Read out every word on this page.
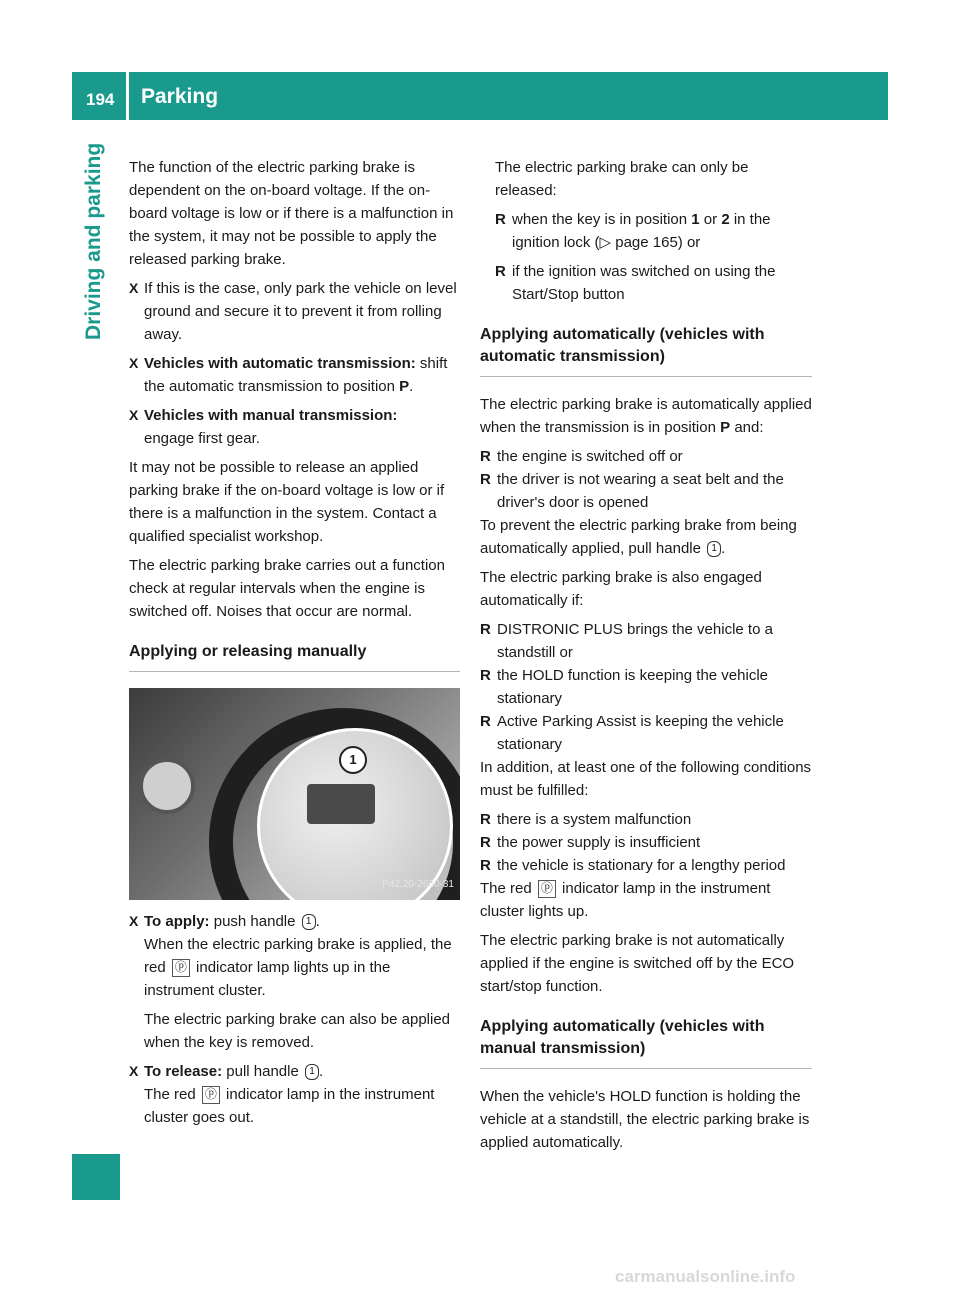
194 Parking
Driving and parking The function of the electric parking brake is dependent on the on-board voltage. If the on-board voltage is low or if there is a malfunction in the system, it may not be possible to apply the released parking brake.

X If this is the case, only park the vehicle on level ground and secure it to prevent it from rolling away.
X Vehicles with automatic transmission: shift the automatic transmission to position P.
X Vehicles with manual transmission:
engage first gear.

It may not be possible to release an applied parking brake if the on-board voltage is low or if there is a malfunction in the system. Contact a qualified specialist workshop.

The electric parking brake carries out a function check at regular intervals when the engine is switched off. Noises that occur are normal.

Applying or releasing manually
1
P42.20-2660-31
X To apply: push handle 1 .
When the electric parking brake is applied, the red ⓟ indicator lamp lights up in the instrument cluster.
The electric parking brake can also be applied when the key is removed.
X To release: pull handle 1 .
The red ⓟ indicator lamp in the instrument cluster goes out.

The electric parking brake can only be released:

R when the key is in position 1 or 2 in the ignition lock (▷ page 165) or
R if the ignition was switched on using the Start/Stop button
Applying automatically (vehicles with automatic transmission)

The electric parking brake is automatically applied when the transmission is in position P and:

R the engine is switched off or
R the driver is not wearing a seat belt and the driver's door is opened

To prevent the electric parking brake from being automatically applied, pull handle 1 .

The electric parking brake is also engaged automatically if:

R DISTRONIC PLUS brings the vehicle to a standstill or
R the HOLD function is keeping the vehicle stationary
R Active Parking Assist is keeping the vehicle stationary

In addition, at least one of the following conditions must be fulfilled:

R there is a system malfunction
R the power supply is insufficient
R the vehicle is stationary for a lengthy period

The red ⓟ indicator lamp in the instrument cluster lights up.

The electric parking brake is not automatically applied if the engine is switched off by the ECO start/stop function.

Applying automatically (vehicles with manual transmission)

When the vehicle's HOLD function is holding the vehicle at a standstill, the electric parking brake is applied automatically.

carmanualsonline.info
